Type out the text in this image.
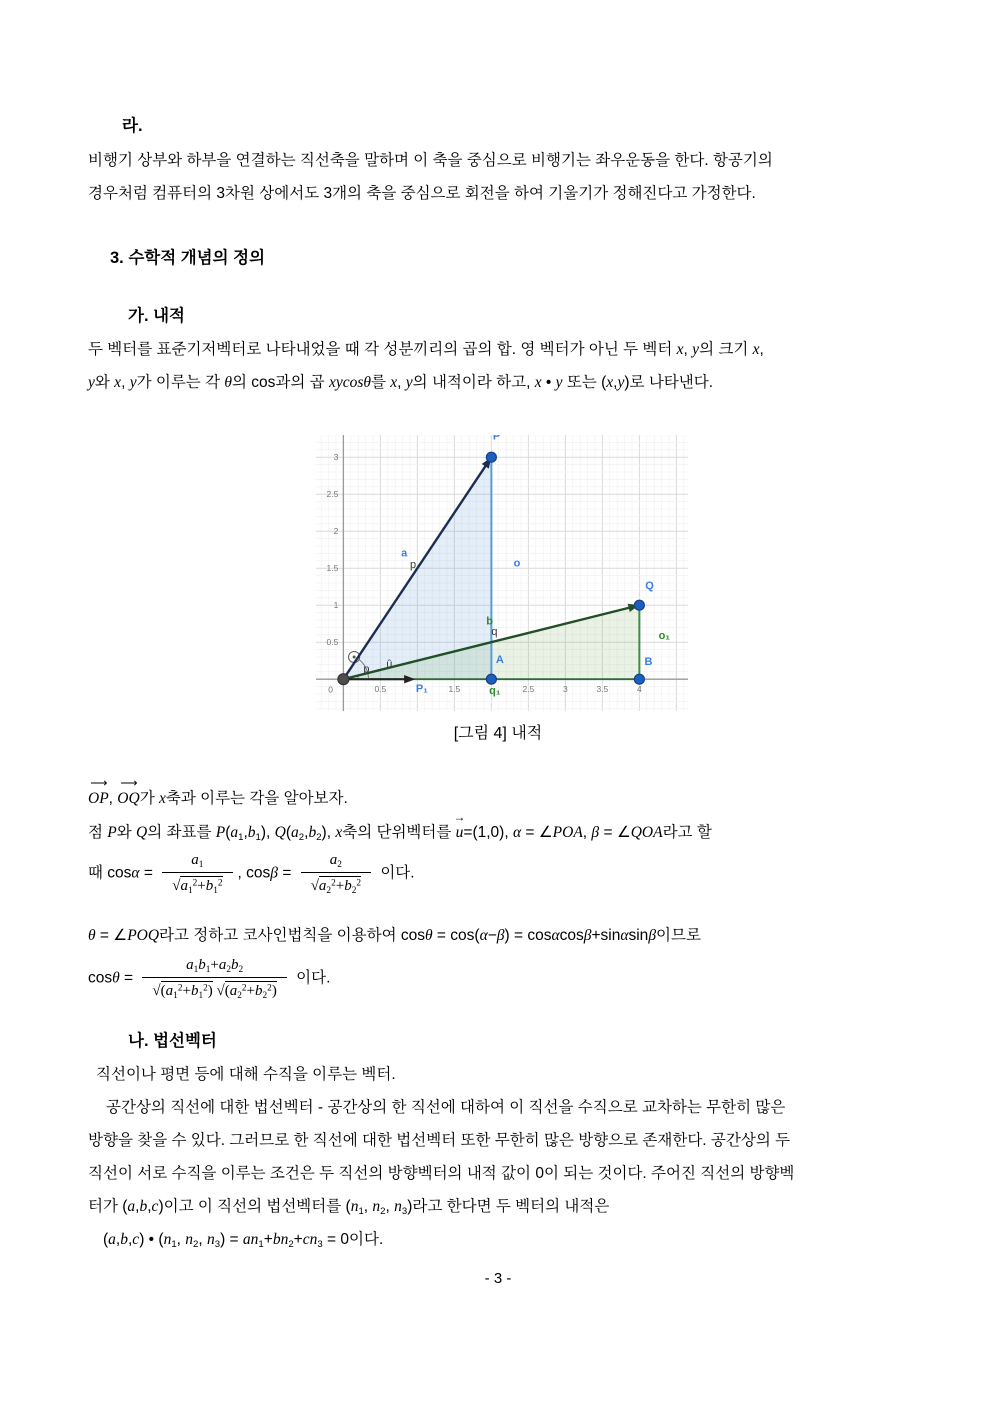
라.
비행기 상부와 하부을 연결하는 직선축을 말하며 이 축을 중심으로 비행기는 좌우운동을 한다. 항공기의
경우처럼 컴퓨터의 3차원 상에서도 3개의 축을 중심으로 회전을 하여 기울기가 정해진다고 가정한다.
3. 수학적 개념의 정의
가. 내적
두 벡터를 표준기저벡터로 나타내었을 때 각 성분끼리의 곱의 합. 영 벡터가 아닌 두 벡터 x, y의 크기 x,
y와 x, y가 이루는 각 θ의 cos과의 곱 xycosθ를 x, y의 내적이라 하고, x • y 또는 (x,y)로 나타낸다.
0.5	1.5	2.5	3	3.5	4
0.5
1
1.5
2
2.5
3
0
P
Q
A	B
a
p	o
b
q	o₁
û
p
P₁	q₁
[그림 4] 내적
OP ⟶, OQ ⟶가 x축과 이루는 각을 알아보자.
점 P와 Q의 좌표를 $P(a_1,b_1)$, $Q(a_2,b_2)$, x축의 단위벡터를 u →=(1,0), α = ∠POA, β = ∠QOA라고 할
때 $\cos\alpha = a_1$
√ $a_1^2+b_1^2$ , $\cos\beta = a_2$
√ $a_2^2+b_2^2$ 이다.
θ = ∠POQ라고 정하고 코사인법칙을 이용하여 cosθ = cos(α−β) = cosαcosβ+sinαsinβ이므로
$\cos\theta = a_1b_1+a_2b_2$
√ $(a_1^2+b_1^2)$ √ $(a_2^2+b_2^2)$ 이다.
나. 법선벡터
직선이나 평면 등에 대해 수직을 이루는 벡터.
공간상의 직선에 대한 법선벡터 - 공간상의 한 직선에 대하여 이 직선을 수직으로 교차하는 무한히 많은
방향을 찾을 수 있다. 그러므로 한 직선에 대한 법선벡터 또한 무한히 많은 방향으로 존재한다. 공간상의 두
직선이 서로 수직을 이루는 조건은 두 직선의 방향벡터의 내적 값이 0이 되는 것이다. 주어진 직선의 방향벡
터가 (a,b,c)이고 이 직선의 법선벡터를 ($n_1$, $n_2$, $n_3$)라고 한다면 두 벡터의 내적은
(a,b,c) • ($n_1$, $n_2$, $n_3) = an_1+bn_2+cn_3 = 0$이다.
- 3 -
